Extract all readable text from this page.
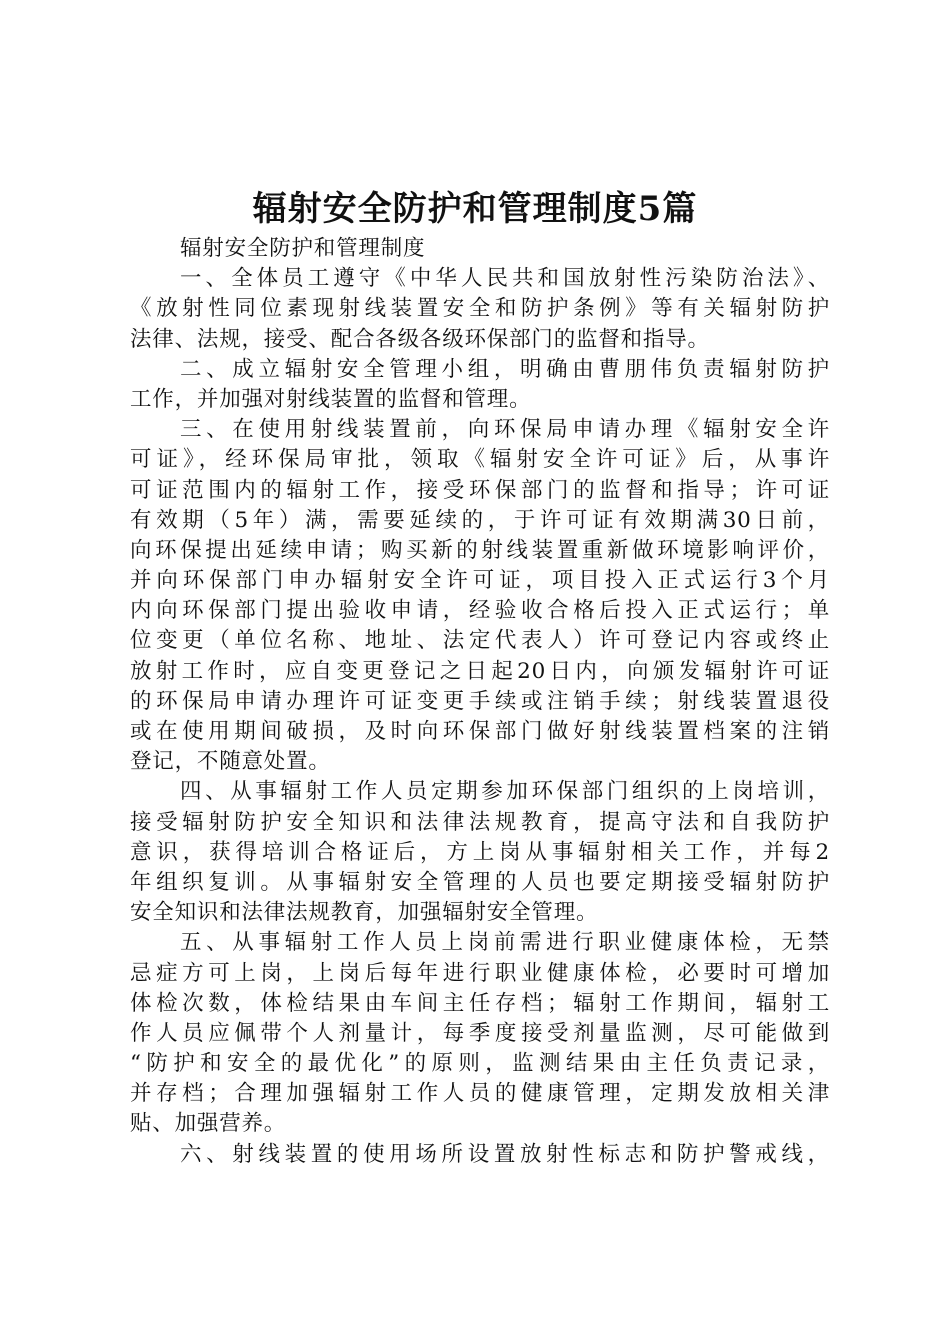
辐射安全防护和管理制度5篇
辐射安全防护和管理制度
一、全体员工遵守《中华人民共和国放射性污染防治法》、
《放射性同位素现射线装置安全和防护条例》等有关辐射防护
法律、法规，接受、配合各级各级环保部门的监督和指导。
二、成立辐射安全管理小组，明确由曹朋伟负责辐射防护
工作，并加强对射线装置的监督和管理。
三、在使用射线装置前，向环保局申请办理《辐射安全许
可证》，经环保局审批，领取《辐射安全许可证》后，从事许
可证范围内的辐射工作，接受环保部门的监督和指导；许可证
有效期（5年）满，需要延续的，于许可证有效期满30日前，
向环保提出延续申请；购买新的射线装置重新做环境影响评价，
并向环保部门申办辐射安全许可证，项目投入正式运行3个月
内向环保部门提出验收申请，经验收合格后投入正式运行；单
位变更（单位名称、地址、法定代表人）许可登记内容或终止
放射工作时，应自变更登记之日起20日内，向颁发辐射许可证
的环保局申请办理许可证变更手续或注销手续；射线装置退役
或在使用期间破损，及时向环保部门做好射线装置档案的注销
登记，不随意处置。
四、从事辐射工作人员定期参加环保部门组织的上岗培训，
接受辐射防护安全知识和法律法规教育，提高守法和自我防护
意识，获得培训合格证后，方上岗从事辐射相关工作，并每2
年组织复训。从事辐射安全管理的人员也要定期接受辐射防护
安全知识和法律法规教育，加强辐射安全管理。
五、从事辐射工作人员上岗前需进行职业健康体检，无禁
忌症方可上岗，上岗后每年进行职业健康体检，必要时可增加
体检次数，体检结果由车间主任存档；辐射工作期间，辐射工
作人员应佩带个人剂量计，每季度接受剂量监测，尽可能做到
“防护和安全的最优化”的原则，监测结果由主任负责记录，
并存档；合理加强辐射工作人员的健康管理，定期发放相关津
贴、加强营养。
六、射线装置的使用场所设置放射性标志和防护警戒线，
